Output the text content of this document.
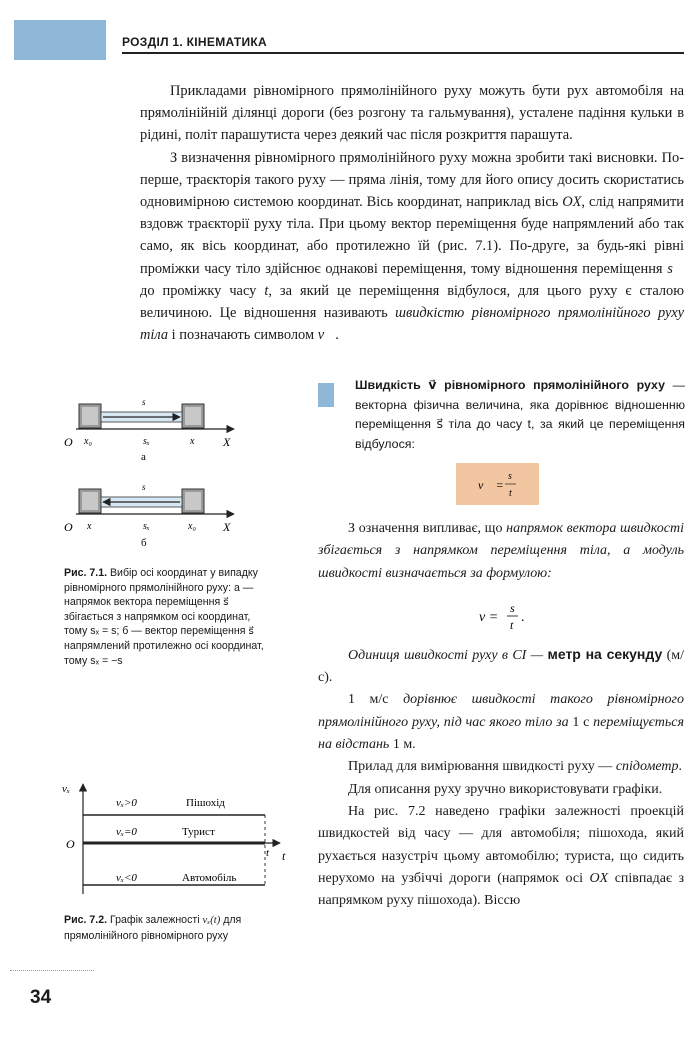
РОЗДІЛ 1. КІНЕМАТИКА

Прикладами рівномірного прямолінійного руху можуть бути рух автомобіля на прямолінійній ділянці дороги (без розгону та гальмування), усталене падіння кульки в рідині, політ парашутиста через деякий час після розкриття парашута.

З визначення рівномірного прямолінійного руху можна зробити такі висновки. По-перше, траєкторія такого руху — пряма лінія, тому для його опису досить скористатись одновимірною системою координат. Вісь координат, наприклад вісь OX, слід напрямити вздовж траєкторії руху тіла. При цьому вектор переміщення буде напрямлений або так само, як вісь координат, або протилежно їй (рис. 7.1). По-друге, за будь-які рівні проміжки часу тіло здійснює однакові переміщення, тому відношення переміщення s⃗ до проміжку часу t, за який це переміщення відбулося, для цього руху є сталою величиною. Це відношення називають швидкістю рівномірного прямолінійного руху тіла і позначають символом v⃗.

Швидкість v⃗ рівномірного прямолінійного руху — векторна фізична величина, яка дорівнює відношенню переміщення s⃗ тіла до часу t, за який це переміщення відбулося:
v⃗ =
s⃗
t

З означення випливає, що напрямок вектора швидкості збігається з напрямком переміщення тіла, а модуль швидкості визначається за формулою:

v =
s
t .

Одиниця швидкості руху в СІ — метр на секунду (м/с).

1 м/с дорівнює швидкості такого рівномірного прямолінійного руху, під час якого тіло за 1 с переміщується на відстань 1 м.

Прилад для вимірювання швидкості руху — спідометр.

Для описання руху зручно використовувати графіки.

На рис. 7.2 наведено графіки залежності проекцій швидкостей від часу — для автомобіля; пішохода, який рухається назустріч цьому автомобілю; туриста, що сидить нерухомо на узбіччі дороги (напрямок осі OX співпадає з напрямком руху пішохода). Віссю

s⃗
O x₀	sₓ	x X
а
s⃗
O x	sₓ	x₀ X
б
Рис. 7.1. Вибір осі координат у випадку рівномірного прямолінійного руху: а — напрямок вектора переміщення s⃗ збігається з напрямком осі координат, тому sₓ = s; б — вектор переміщення s⃗ напрямлений протилежно осі координат, тому sₓ = −s
vₓ
O
t
t
vₓ>0	Пішохід
vₓ=0	Турист
vₓ<0	Автомобіль
Рис. 7.2. Графік залежності vₓ(t) для прямолінійного рівномірного руху
34
